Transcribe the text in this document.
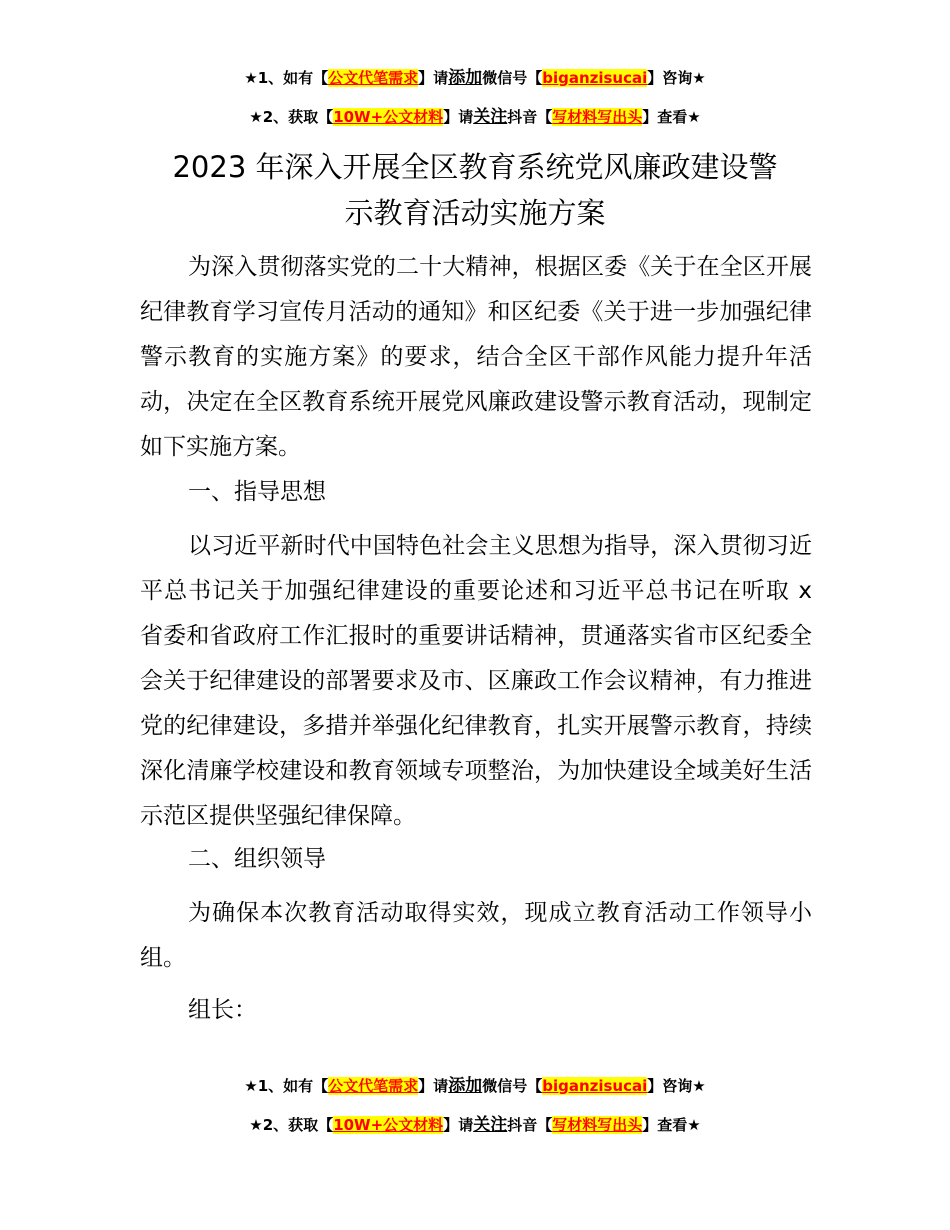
★1、如有【公文代笔需求】请添加微信号【biganzisucai】咨询★
★2、获取【10W+公文材料】请关注抖音【写材料写出头】查看★
2023 年深入开展全区教育系统党风廉政建设警
示教育活动实施方案

为深入贯彻落实党的二十大精神，根据区委《关于在全区开展纪律教育学习宣传月活动的通知》和区纪委《关于进一步加强纪律警示教育的实施方案》的要求，结合全区干部作风能力提升年活动，决定在全区教育系统开展党风廉政建设警示教育活动，现制定如下实施方案。

一、指导思想

以习近平新时代中国特色社会主义思想为指导，深入贯彻习近平总书记关于加强纪律建设的重要论述和习近平总书记在听取 x 省委和省政府工作汇报时的重要讲话精神，贯通落实省市区纪委全会关于纪律建设的部署要求及市、区廉政工作会议精神，有力推进党的纪律建设，多措并举强化纪律教育，扎实开展警示教育，持续深化清廉学校建设和教育领域专项整治，为加快建设全域美好生活示范区提供坚强纪律保障。

二、组织领导

为确保本次教育活动取得实效，现成立教育活动工作领导小组。

组长：

★1、如有【公文代笔需求】请添加微信号【biganzisucai】咨询★
★2、获取【10W+公文材料】请关注抖音【写材料写出头】查看★
